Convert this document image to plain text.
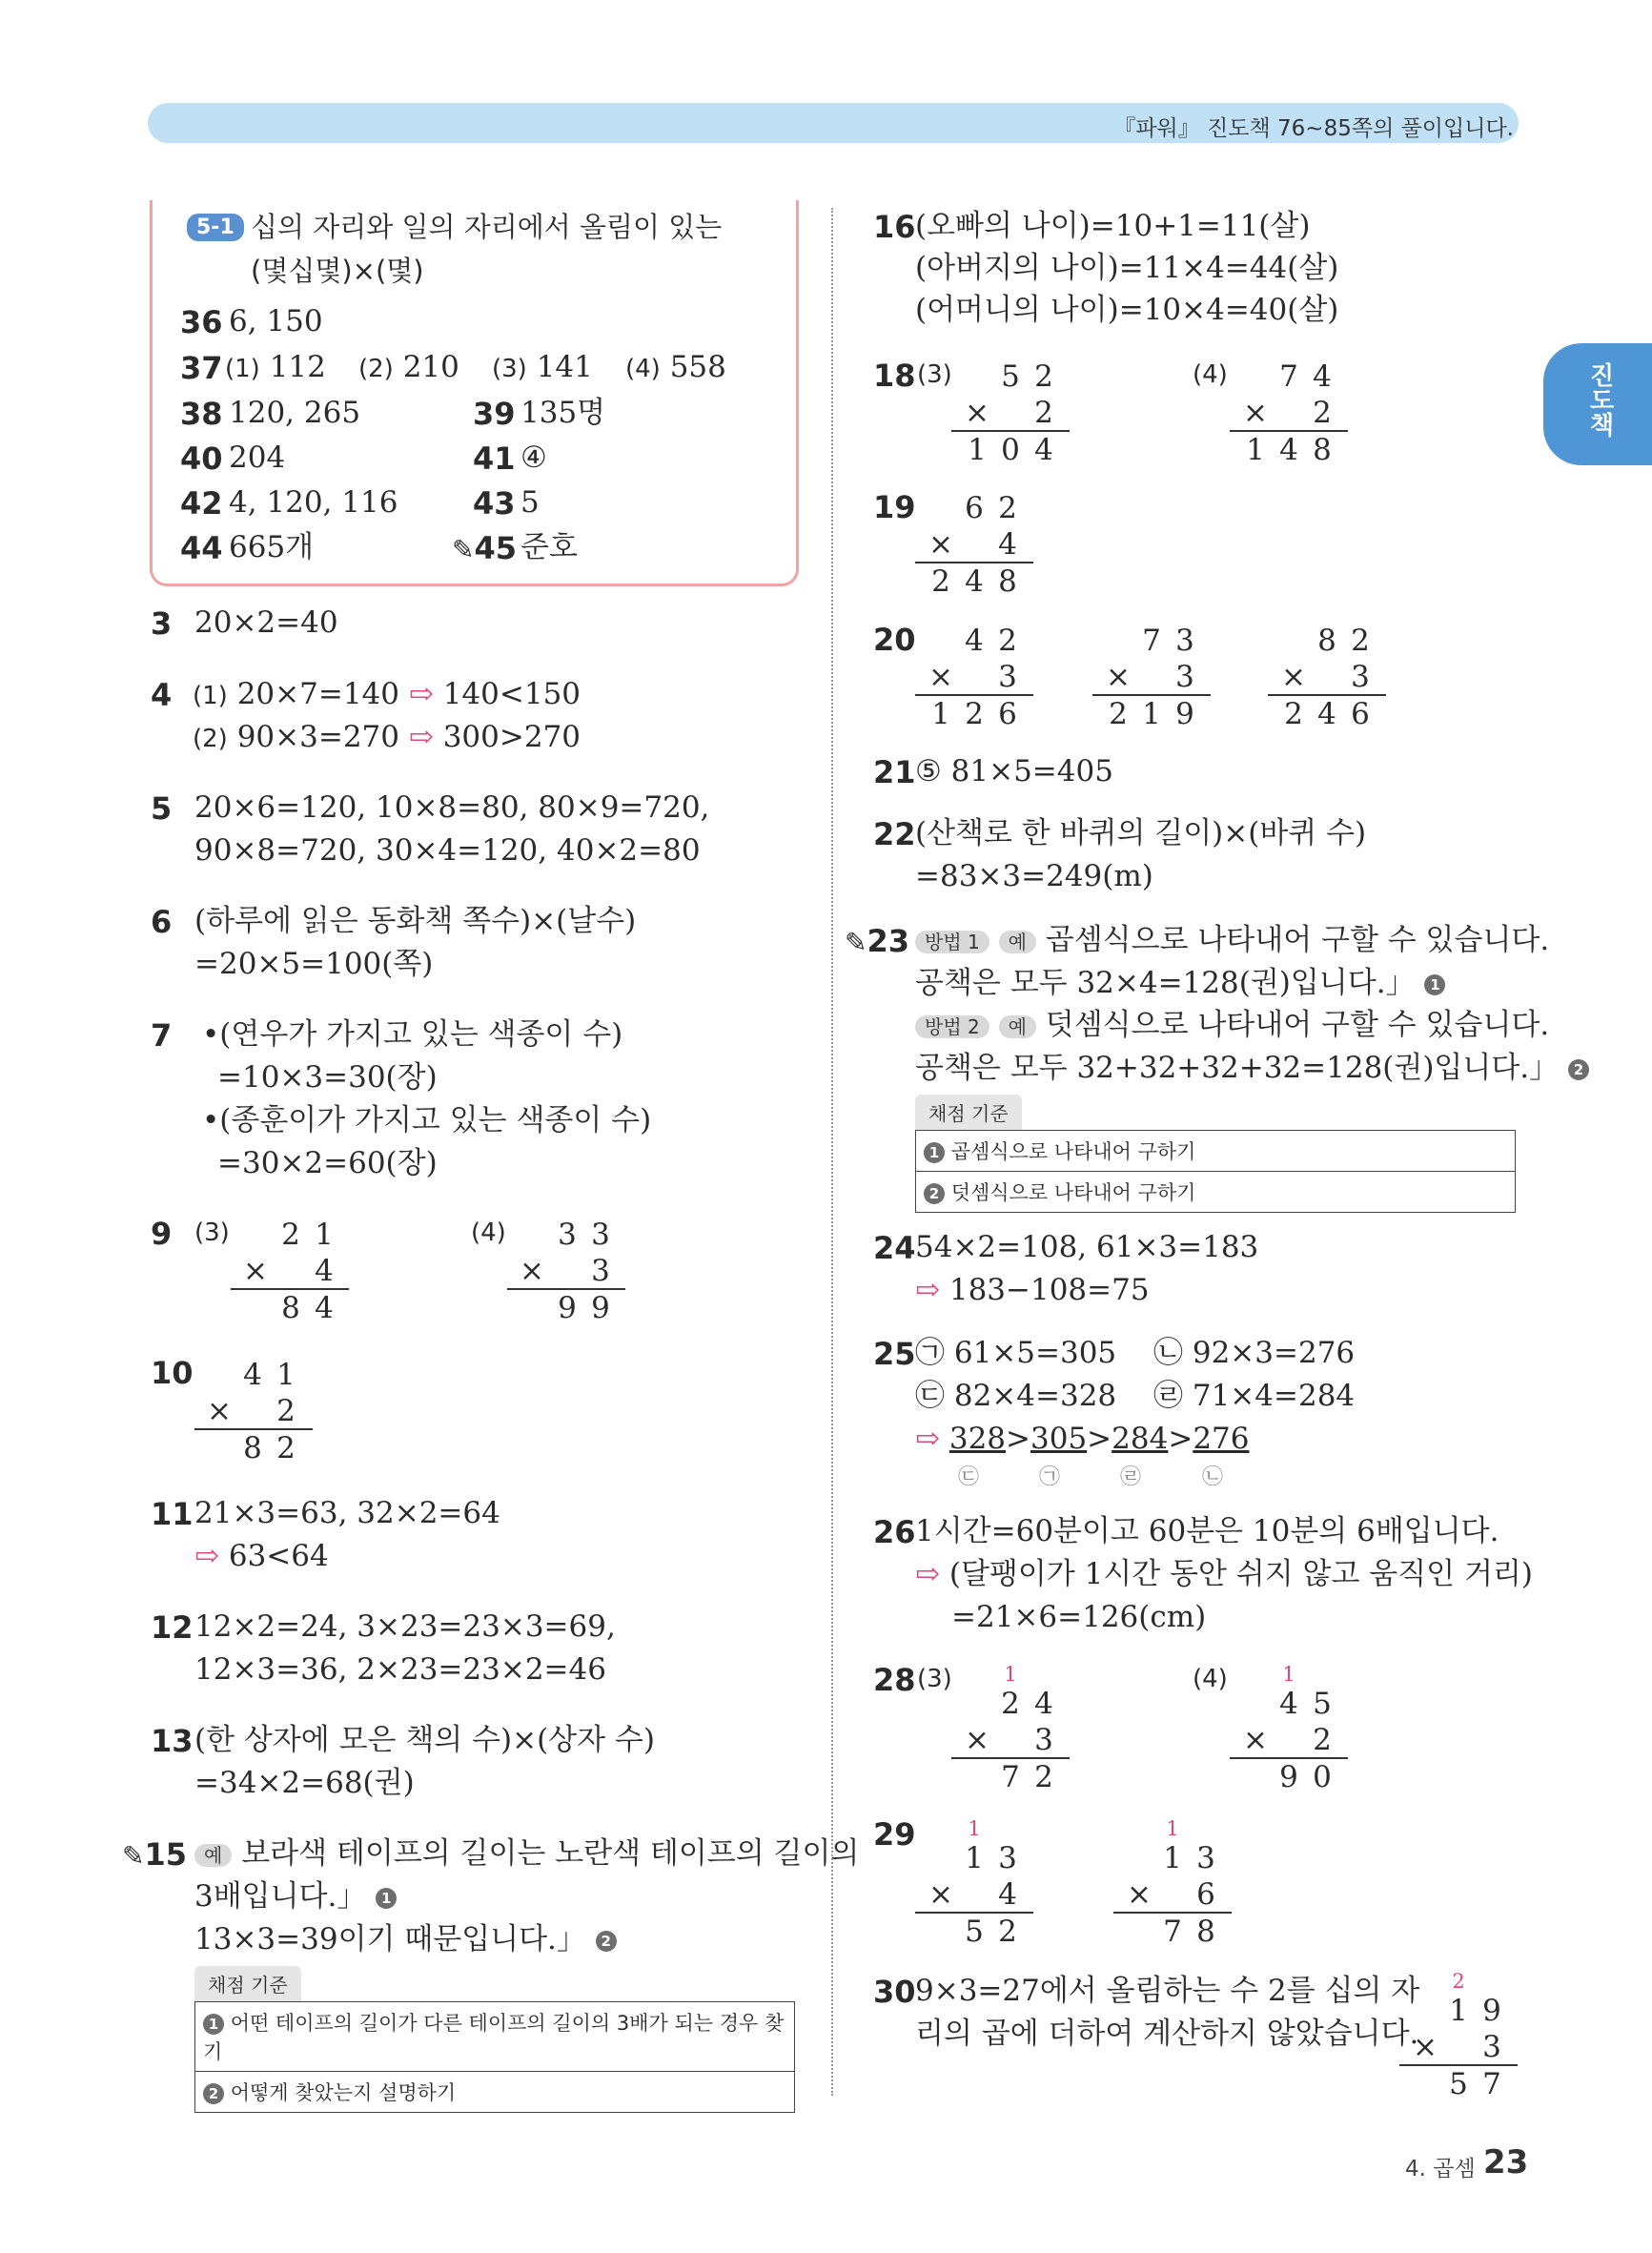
『파워』 진도책 76~85쪽의 풀이입니다.
진도책
5-1 십의 자리와 일의 자리에서 올림이 있는
(몇십몇)×(몇)
36 6, 150
37 (1) 112 (2) 210 (3) 141 (4) 558
38 120, 265	39 135명
40 204	41 ④
42 4, 120, 116 43 5
44 665개	✎45 준호
3 20×2=40
4 (1) 20×7=140 ⇨ 140<150
(2) 90×3=270 ⇨ 300>270
5 20×6=120, 10×8=80, 80×9=720,
90×8=720, 30×4=120, 40×2=80
6 (하루에 읽은 동화책 쪽수)×(날수)
=20×5=100(쪽)
7 •(연우가 가지고 있는 색종이 수)
=10×3=30(장)
•(종훈이가 가지고 있는 색종이 수)
=30×2=60(장)
9 (3)	2 1
×	4
8 4
(4)	3 3
×	3
9 9
10	4 1
×	2
8 2
11 21×3=63, 32×2=64
⇨ 63<64
12 12×2=24, 3×23=23×3=69,
12×3=36, 2×23=23×2=46
13 (한 상자에 모은 책의 수)×(상자 수)
=34×2=68(권)
✎15 예 보라색 테이프의 길이는 노란색 테이프의 길이의
3배입니다.」 1
13×3=39이기 때문입니다.」 2
채점 기준
1 어떤 테이프의 길이가 다른 테이프의 길이의 3배가 되는 경우 찾기
2 어떻게 찾았는지 설명하기
16 (오빠의 나이)=10+1=11(살)
(아버지의 나이)=11×4=44(살)
(어머니의 나이)=10×4=40(살)
18 (3)	5 2
×	2
1 0 4
(4)	7 4
×	2
1 4 8
19	6 2
×	4
2 4 8
20	4 2
×	3
1 2 6
7 3
×	3
2 1 9
8 2
×	3
2 4 6
21 ⑤ 81×5=405
22 (산책로 한 바퀴의 길이)×(바퀴 수)
=83×3=249(m)
✎23 방법 1 예 곱셈식으로 나타내어 구할 수 있습니다.
공책은 모두 32×4=128(권)입니다.」 1
방법 2 예 덧셈식으로 나타내어 구할 수 있습니다.
공책은 모두 32+32+32+32=128(권)입니다.」 2
채점 기준
1 곱셈식으로 나타내어 구하기
2 덧셈식으로 나타내어 구하기
24 54×2=108, 61×3=183
⇨ 183−108=75
25 ㉠ 61×5=305 ㉡ 92×3=276
㉢ 82×4=328 ㉣ 71×4=284
⇨ 328>305>284>276
㉢	㉠	㉣	㉡
26 1시간=60분이고 60분은 10분의 6배입니다.
⇨ (달팽이가 1시간 동안 쉬지 않고 움직인 거리)
=21×6=126(cm)
28 (3)	1
2 4
×	3
7 2
(4)	1
4 5
×	2
9 0
29	1
1 3
×	4
5 2
1
1 3
×	6
7 8
30 9×3=27에서 올림하는 수 2를 십의 자
리의 곱에 더하여 계산하지 않았습니다.
2
1 9
×	3
5 7
4. 곱셈 23
